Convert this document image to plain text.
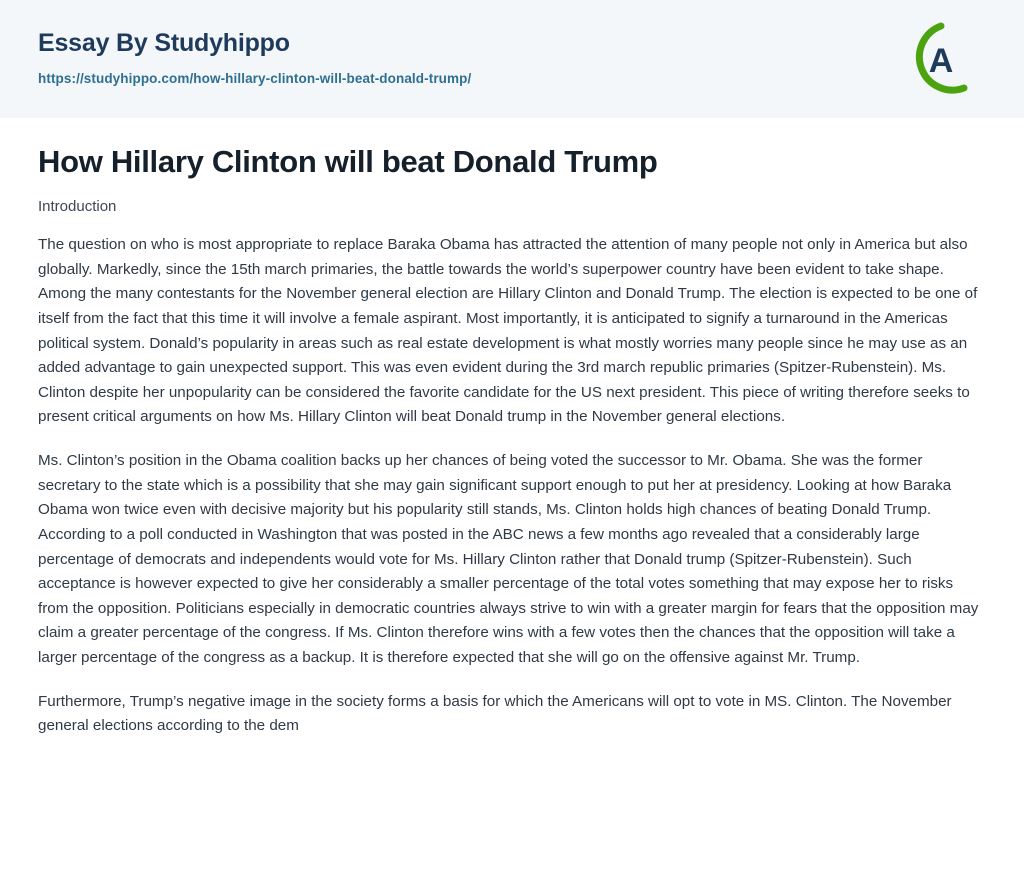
Essay By Studyhippo
https://studyhippo.com/how-hillary-clinton-will-beat-donald-trump/	A
How Hillary Clinton will beat Donald Trump

Introduction

The question on who is most appropriate to replace Baraka Obama has attracted the attention of many people not only in America but also globally. Markedly, since the 15th march primaries, the battle towards the world’s superpower country have been evident to take shape. Among the many contestants for the November general election are Hillary Clinton and Donald Trump. The election is expected to be one of itself from the fact that this time it will involve a female aspirant. Most importantly, it is anticipated to signify a turnaround in the Americas political system. Donald’s popularity in areas such as real estate development is what mostly worries many people since he may use as an added advantage to gain unexpected support. This was even evident during the 3rd march republic primaries (Spitzer-Rubenstein). Ms. Clinton despite her unpopularity can be considered the favorite candidate for the US next president. This piece of writing therefore seeks to present critical arguments on how Ms. Hillary Clinton will beat Donald trump in the November general elections.

Ms. Clinton’s position in the Obama coalition backs up her chances of being voted the successor to Mr. Obama. She was the former secretary to the state which is a possibility that she may gain significant support enough to put her at presidency. Looking at how Baraka Obama won twice even with decisive majority but his popularity still stands, Ms. Clinton holds high chances of beating Donald Trump. According to a poll conducted in Washington that was posted in the ABC news a few months ago revealed that a considerably large percentage of democrats and independents would vote for Ms. Hillary Clinton rather that Donald trump (Spitzer-Rubenstein). Such acceptance is however expected to give her considerably a smaller percentage of the total votes something that may expose her to risks from the opposition. Politicians especially in democratic countries always strive to win with a greater margin for fears that the opposition may claim a greater percentage of the congress. If Ms. Clinton therefore wins with a few votes then the chances that the opposition will take a larger percentage of the congress as a backup. It is therefore expected that she will go on the offensive against Mr. Trump.

Furthermore, Trump’s negative image in the society forms a basis for which the Americans will opt to vote in MS. Clinton. The November general elections according to the dem
